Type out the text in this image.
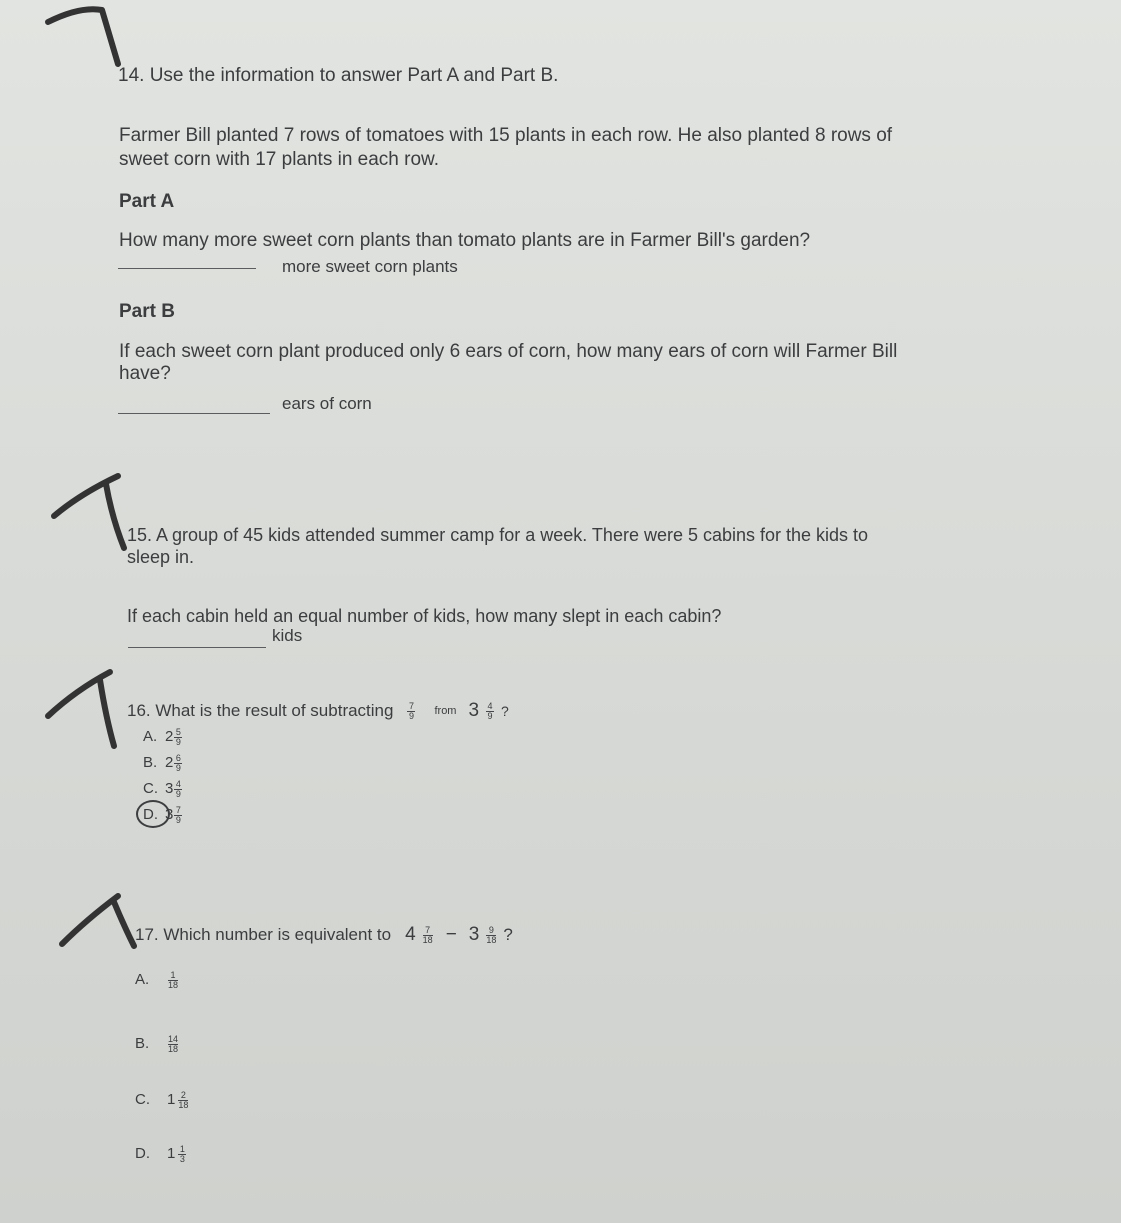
14. Use the information to answer Part A and Part B.
Farmer Bill planted 7 rows of tomatoes with 15 plants in each row. He also planted 8 rows of
sweet corn with 17 plants in each row.
Part A
How many more sweet corn plants than tomato plants are in Farmer Bill's garden?
more sweet corn plants
Part B
If each sweet corn plant produced only 6 ears of corn, how many ears of corn will Farmer Bill
have?
ears of corn
15. A group of 45 kids attended summer camp for a week. There were 5 cabins for the kids to
sleep in.
If each cabin held an equal number of kids, how many slept in each cabin?
kids
16. What is the result of subtracting $\frac{7}{9}$ from $3 \frac{4}{9}$ ?
A. $2 \frac{5}{9}$
B. $2 \frac{6}{9}$
C. $3 \frac{4}{9}$
D. $3 \frac{7}{9}$
17. Which number is equivalent to $4 \frac{7}{18} - 3 \frac{9}{18}$ ?
A.	$\frac{1}{18}$
B.	$\frac{14}{18}$
C.	$1 \frac{2}{18}$
D.	$1 \frac{1}{3}$
